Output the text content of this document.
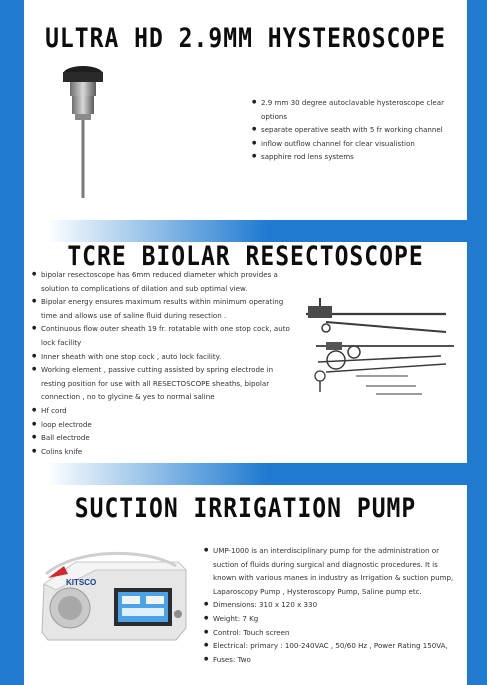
ULTRA HD 2.9MM HYSTEROSCOPE
● 2.9 mm 30 degree autoclavable hysteroscope clear options
● separate operative seath with 5 fr working channel
● inflow outflow channel for clear visualistion
● sapphire rod lens systems
TCRE BIOLAR RESECTOSCOPE
● bipolar resectoscope has 6mm reduced diameter which provides a solution to complications of dilation and sub optimal view.
● Bipolar energy ensures maximum results within minimum operating time and allows use of saline fluid during resection .
● Continuous flow outer sheath 19 fr. rotatable with one stop cock, auto lock facility
● Inner sheath with one stop cock , auto lock facility.
● Working element , passive cutting assisted by spring electrode in resting position for use with all RESECTOSCOPE sheaths, bipolar connection , no to glycine & yes to normal saline
● Hf cord
● loop electrode
● Ball electrode
● Colins knife
SUCTION IRRIGATION PUMP
KITSCO
● UMP-1000 is an interdisciplinary pump for the administration or suction of fluids during surgical and diagnostic procedures. It is known with various manes in industry as Irrigation & suction pump, Laparoscopy Pump , Hysteroscopy Pump, Saline pump etc.
● Dimensions: 310 x 120 x 330
● Weight: 7 Kg
● Control: Touch screen
● Electrical: primary : 100-240VAC , 50/60 Hz , Power Rating 150VA,
● Fuses: Two
